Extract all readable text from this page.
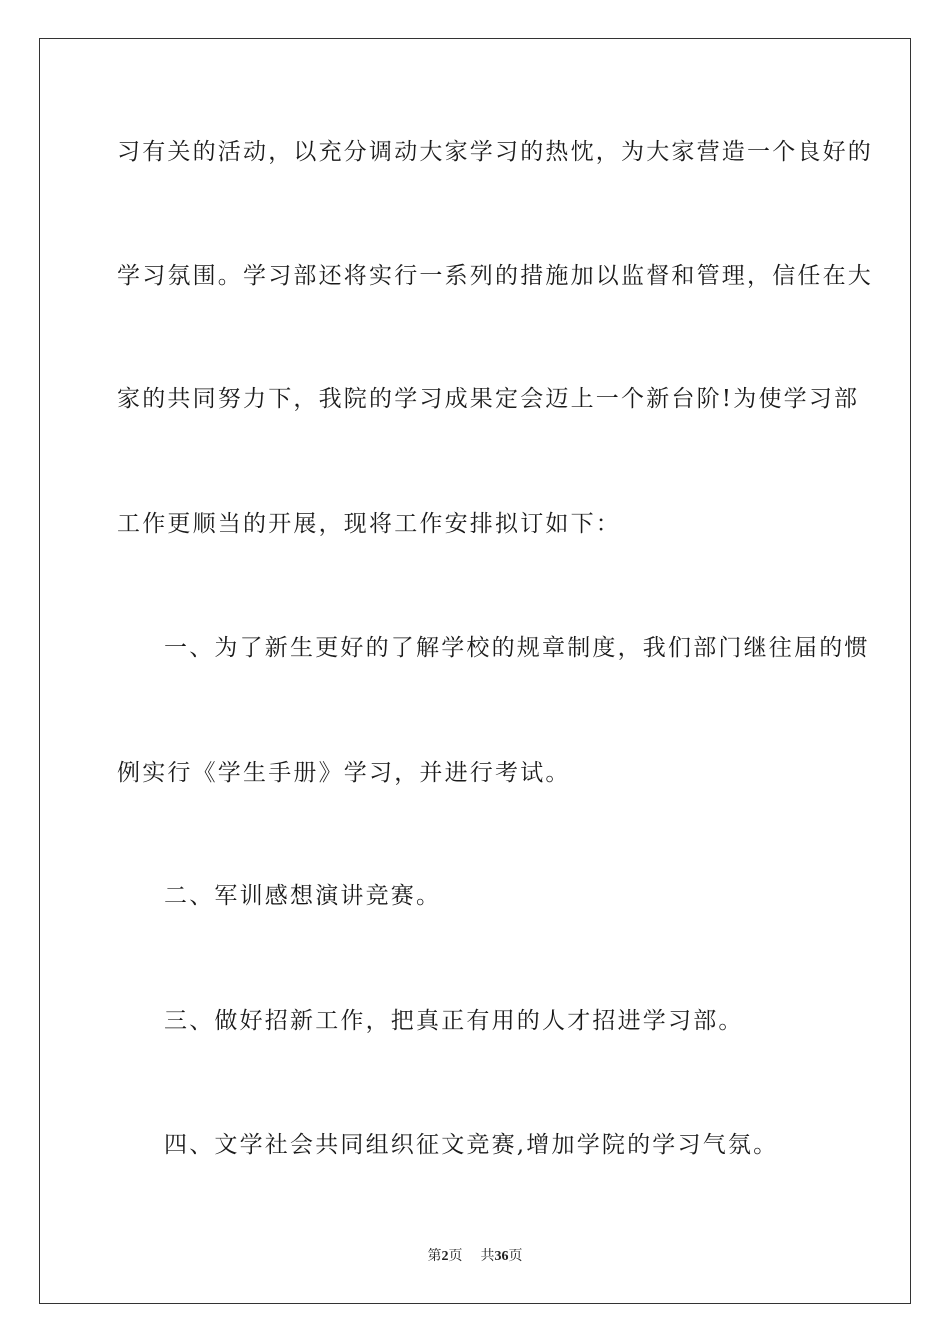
习有关的活动，以充分调动大家学习的热忱，为大家营造一个良好的
学习氛围。学习部还将实行一系列的措施加以监督和管理，信任在大
家的共同努力下，我院的学习成果定会迈上一个新台阶!为使学习部
工作更顺当的开展，现将工作安排拟订如下：
一、为了新生更好的了解学校的规章制度，我们部门继往届的惯
例实行《学生手册》学习，并进行考试。
二、军训感想演讲竞赛。
三、做好招新工作，把真正有用的人才招进学习部。
四、文学社会共同组织征文竞赛,增加学院的学习气氛。
第2页 共36页
